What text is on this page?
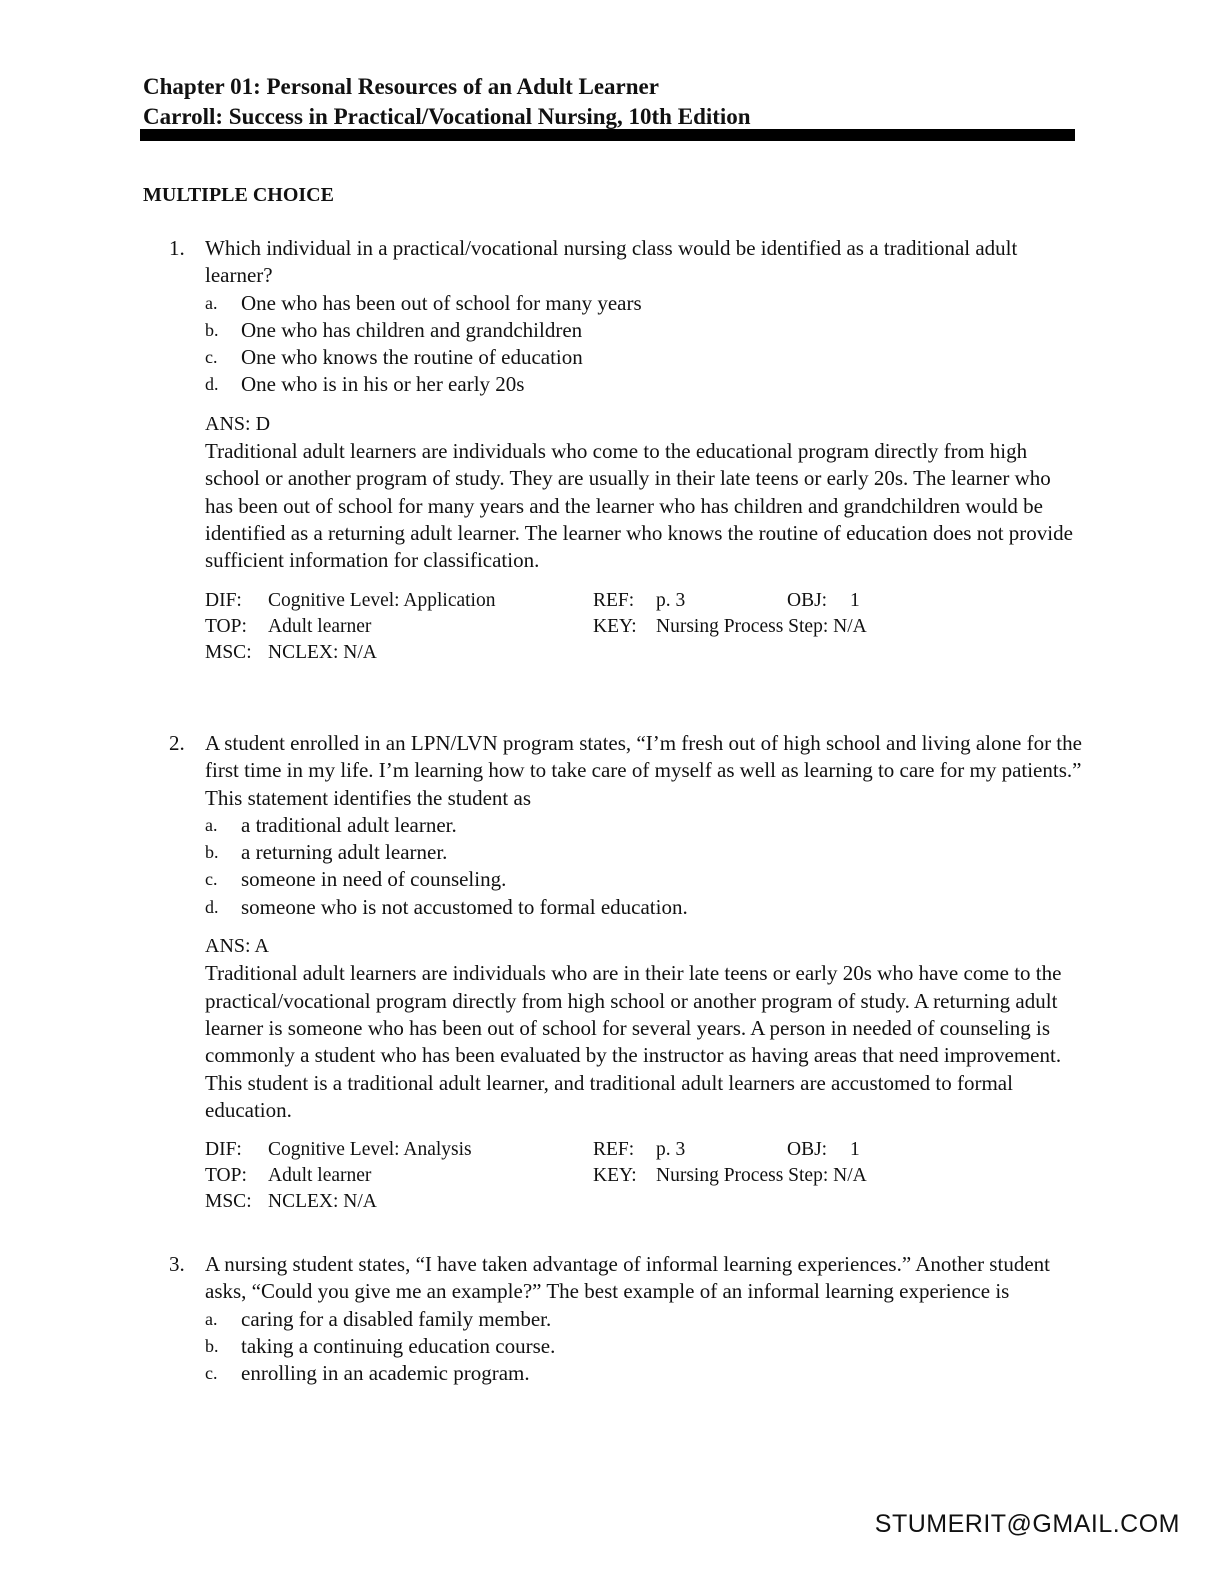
Chapter 01: Personal Resources of an Adult Learner
Carroll: Success in Practical/Vocational Nursing, 10th Edition
MULTIPLE CHOICE
1. Which individual in a practical/vocational nursing class would be identified as a traditional adult learner?
a. One who has been out of school for many years
b. One who has children and grandchildren
c. One who knows the routine of education
d. One who is in his or her early 20s
ANS: D
Traditional adult learners are individuals who come to the educational program directly from high school or another program of study. They are usually in their late teens or early 20s. The learner who has been out of school for many years and the learner who has children and grandchildren would be identified as a returning adult learner. The learner who knows the routine of education does not provide sufficient information for classification.
DIF: Cognitive Level: Application	REF: p. 3	OBJ: 1
TOP: Adult learner	KEY: Nursing Process Step: N/A
MSC: NCLEX: N/A
2. A student enrolled in an LPN/LVN program states, “I’m fresh out of high school and living alone for the first time in my life. I’m learning how to take care of myself as well as learning to care for my patients.” This statement identifies the student as
a. a traditional adult learner.
b. a returning adult learner.
c. someone in need of counseling.
d. someone who is not accustomed to formal education.
ANS: A
Traditional adult learners are individuals who are in their late teens or early 20s who have come to the practical/vocational program directly from high school or another program of study. A returning adult learner is someone who has been out of school for several years. A person in needed of counseling is commonly a student who has been evaluated by the instructor as having areas that need improvement. This student is a traditional adult learner, and traditional adult learners are accustomed to formal education.
DIF: Cognitive Level: Analysis	REF: p. 3	OBJ: 1
TOP: Adult learner	KEY: Nursing Process Step: N/A
MSC: NCLEX: N/A
3. A nursing student states, “I have taken advantage of informal learning experiences.” Another student asks, “Could you give me an example?” The best example of an informal learning experience is
a. caring for a disabled family member.
b. taking a continuing education course.
c. enrolling in an academic program.
STUMERIT@GMAIL.COM
